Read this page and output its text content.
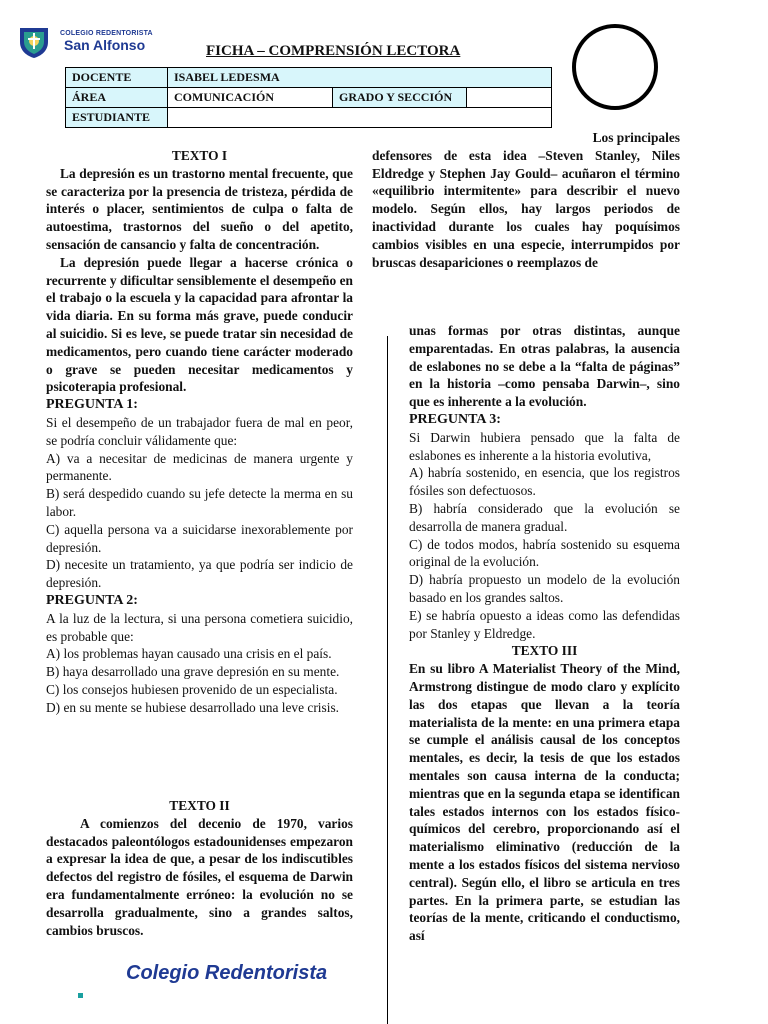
COLEGIO REDENTORISTA
San Alfonso	FICHA – COMPRENSIÓN LECTORA
DOCENTE	ISABEL LEDESMA		
ÁREA	COMUNICACIÓN	GRADO Y SECCIÓN	
ESTUDIANTE			

TEXTO I

La depresión es un trastorno mental frecuente, que se caracteriza por la presencia de tristeza, pérdida de interés o placer, sentimientos de culpa o falta de autoestima, trastornos del sueño o del apetito, sensación de cansancio y falta de concentración.

La depresión puede llegar a hacerse crónica o recurrente y dificultar sensiblemente el desempeño en el trabajo o la escuela y la capacidad para afrontar la vida diaria. En su forma más grave, puede conducir al suicidio. Si es leve, se puede tratar sin necesidad de medicamentos, pero cuando tiene carácter moderado o grave se pueden necesitar medicamentos y psicoterapia profesional.

PREGUNTA 1:

Si el desempeño de un trabajador fuera de mal en peor, se podría concluir válidamente que:

A) va a necesitar de medicinas de manera urgente y permanente.

B) será despedido cuando su jefe detecte la merma en su labor.

C) aquella persona va a suicidarse inexorablemente por depresión.

D) necesite un tratamiento, ya que podría ser indicio de depresión.

PREGUNTA 2:

A la luz de la lectura, si una persona cometiera suicidio, es probable que:

A) los problemas hayan causado una crisis en el país.

B) haya desarrollado una grave depresión en su mente.

C) los consejos hubiesen provenido de un especialista.

D) en su mente se hubiese desarrollado una leve crisis.

TEXTO II

A comienzos del decenio de 1970, varios destacados paleontólogos estadounidenses empezaron a expresar la idea de que, a pesar de los indiscutibles defectos del registro de fósiles, el esquema de Darwin era fundamentalmente erróneo: la evolución no se desarrolla gradualmente, sino a grandes saltos, cambios bruscos.

Los principales

defensores de esta idea –Steven Stanley, Niles Eldredge y Stephen Jay Gould– acuñaron el término «equilibrio intermitente» para describir el nuevo modelo. Según ellos, hay largos periodos de inactividad durante los cuales hay poquísimos cambios visibles en una especie, interrumpidos por bruscas desapariciones o reemplazos de

unas formas por otras distintas, aunque emparentadas. En otras palabras, la ausencia de eslabones no se debe a la “falta de páginas” en la historia –como pensaba Darwin–, sino que es inherente a la evolución.

PREGUNTA 3:

Si Darwin hubiera pensado que la falta de eslabones es inherente a la historia evolutiva,

A) habría sostenido, en esencia, que los registros fósiles son defectuosos.

B) habría considerado que la evolución se desarrolla de manera gradual.

C) de todos modos, habría sostenido su esquema original de la evolución.

D) habría propuesto un modelo de la evolución basado en los grandes saltos.

E) se habría opuesto a ideas como las defendidas por Stanley y Eldredge.

TEXTO III

En su libro A Materialist Theory of the Mind, Armstrong distingue de modo claro y explícito las dos etapas que llevan a la teoría materialista de la mente: en una primera etapa se cumple el análisis causal de los conceptos mentales, es decir, la tesis de que los estados mentales son causa interna de la conducta; mientras que en la segunda etapa se identifican tales estados internos con los estados físico-químicos del cerebro, proporcionando así el materialismo eliminativo (reducción de la mente a los estados físicos del sistema nervioso central). Según ello, el libro se articula en tres partes. En la primera parte, se estudian las teorías de la mente, criticando el conductismo, así

Colegio Redentorista
